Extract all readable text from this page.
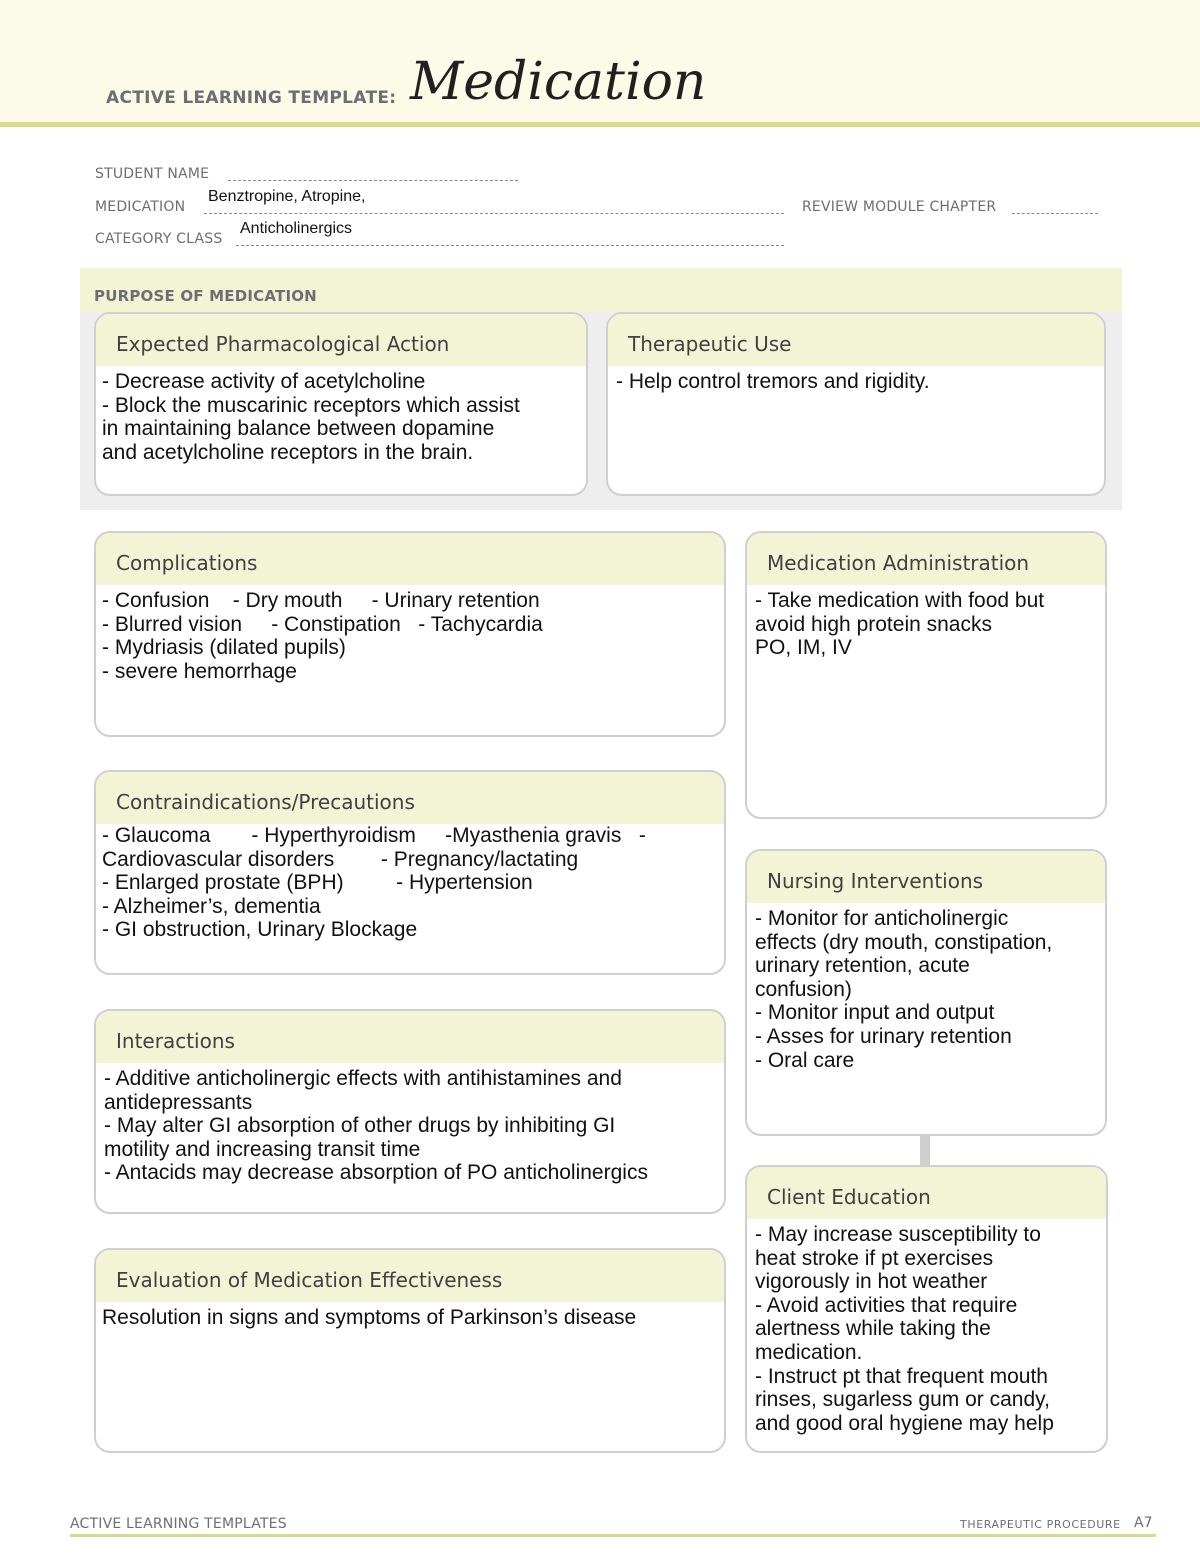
ACTIVE LEARNING TEMPLATE: Medication
STUDENT NAME
MEDICATION
Benztropine, Atropine,
REVIEW MODULE CHAPTER
CATEGORY CLASS
Anticholinergics
PURPOSE OF MEDICATION
Expected Pharmacological Action
- Decrease activity of acetylcholine
- Block the muscarinic receptors which assist
in maintaining balance between dopamine
and acetylcholine receptors in the brain.
Therapeutic Use
- Help control tremors and rigidity.
Complications
- Confusion    - Dry mouth     - Urinary retention
- Blurred vision     - Constipation   - Tachycardia
- Mydriasis (dilated pupils)
- severe hemorrhage
Medication Administration
- Take medication with food but
avoid high protein snacks
PO, IM, IV
Contraindications/Precautions
- Glaucoma       - Hyperthyroidism     -Myasthenia gravis   -
Cardiovascular disorders        - Pregnancy/lactating
- Enlarged prostate (BPH)         - Hypertension
- Alzheimer’s, dementia
- GI obstruction, Urinary Blockage
Nursing Interventions
- Monitor for anticholinergic
effects (dry mouth, constipation,
urinary retention, acute
confusion)
- Monitor input and output
- Asses for urinary retention
- Oral care
Interactions
- Additive anticholinergic effects with antihistamines and
antidepressants
- May alter GI absorption of other drugs by inhibiting GI
motility and increasing transit time
- Antacids may decrease absorption of PO anticholinergics
Client Education
- May increase susceptibility to
heat stroke if pt exercises
vigorously in hot weather
- Avoid activities that require
alertness while taking the
medication.
- Instruct pt that frequent mouth
rinses, sugarless gum or candy,
and good oral hygiene may help
Evaluation of Medication Effectiveness
Resolution in signs and symptoms of Parkinson’s disease
ACTIVE LEARNING TEMPLATES	THERAPEUTIC PROCEDURE A7
